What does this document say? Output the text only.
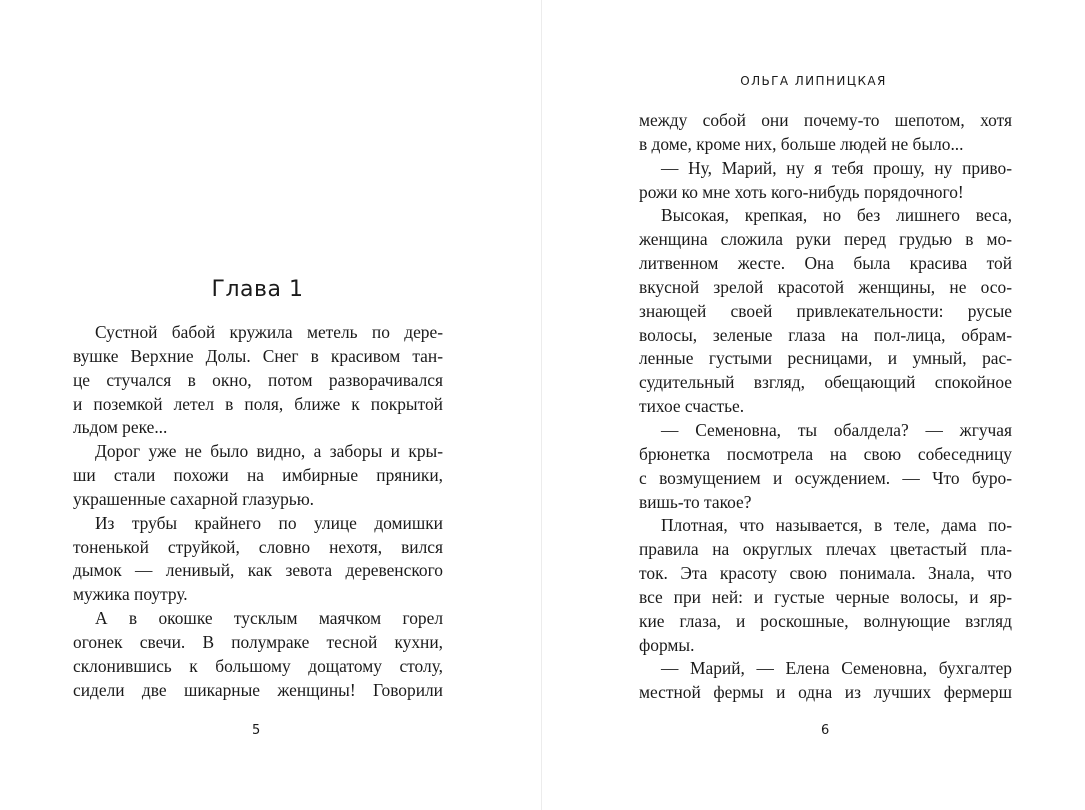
Глава 1
Сустной бабой кружила метель по дере-
вушке Верхние Долы. Снег в красивом тан-
це стучался в окно, потом разворачивался
и поземкой летел в поля, ближе к покрытой
льдом реке...
Дорог уже не было видно, а заборы и кры-
ши стали похожи на имбирные пряники,
украшенные сахарной глазурью.
Из трубы крайнего по улице домишки
тоненькой струйкой, словно нехотя, вился
дымок — ленивый, как зевота деревенского
мужика поутру.
А в окошке тусклым маячком горел
огонек свечи. В полумраке тесной кухни,
склонившись к большому дощатому столу,
сидели две шикарные женщины! Говорили
5
ОЛЬГА ЛИПНИЦКАЯ
между собой они почему-то шепотом, хотя
в доме, кроме них, больше людей не было...
— Ну, Марий, ну я тебя прошу, ну приво-
рожи ко мне хоть кого-нибудь порядочного!
Высокая, крепкая, но без лишнего веса,
женщина сложила руки перед грудью в мо-
литвенном жесте. Она была красива той
вкусной зрелой красотой женщины, не осо-
знающей своей привлекательности: русые
волосы, зеленые глаза на пол-лица, обрам-
ленные густыми ресницами, и умный, рас-
судительный взгляд, обещающий спокойное
тихое счастье.
— Семеновна, ты обалдела? — жгучая
брюнетка посмотрела на свою собеседницу
с возмущением и осуждением. — Что буро-
вишь-то такое?
Плотная, что называется, в теле, дама по-
правила на округлых плечах цветастый пла-
ток. Эта красоту свою понимала. Знала, что
все при ней: и густые черные волосы, и яр-
кие глаза, и роскошные, волнующие взгляд
формы.
— Марий, — Елена Семеновна, бухгалтер
местной фермы и одна из лучших фермерш
6
